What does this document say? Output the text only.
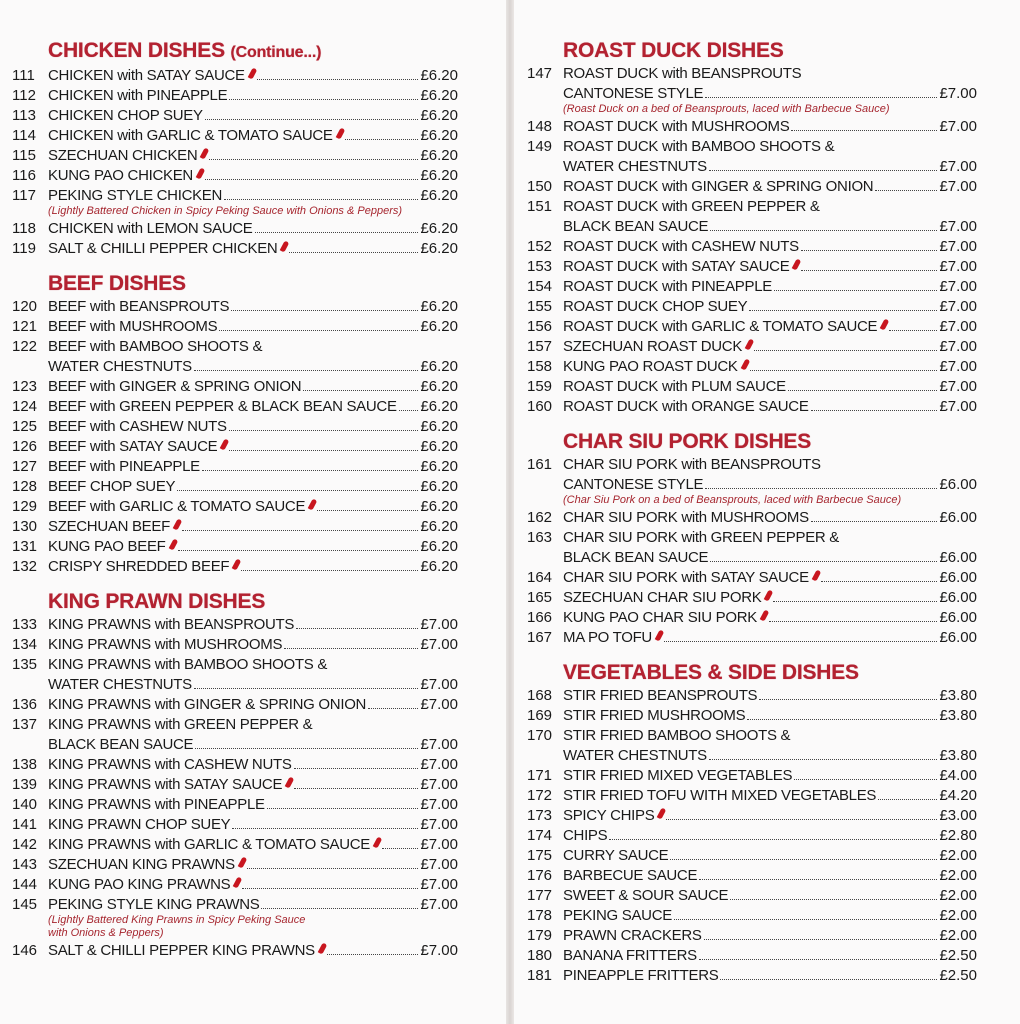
CHICKEN DISHES (Continue...)
111 CHICKEN with SATAY SAUCE	£6.20
112 CHICKEN with PINEAPPLE	£6.20
113 CHICKEN CHOP SUEY	£6.20
114 CHICKEN with GARLIC & TOMATO SAUCE	£6.20
115 SZECHUAN CHICKEN	£6.20
116 KUNG PAO CHICKEN	£6.20
117 PEKING STYLE CHICKEN	£6.20
(Lightly Battered Chicken in Spicy Peking Sauce with Onions & Peppers)
118 CHICKEN with LEMON SAUCE	£6.20
119 SALT & CHILLI PEPPER CHICKEN	£6.20
BEEF DISHES
120 BEEF with BEANSPROUTS	£6.20
121 BEEF with MUSHROOMS	£6.20
122 BEEF with BAMBOO SHOOTS &
WATER CHESTNUTS	£6.20
123 BEEF with GINGER & SPRING ONION	£6.20
124 BEEF with GREEN PEPPER & BLACK BEAN SAUCE £6.20
125 BEEF with CASHEW NUTS	£6.20
126 BEEF with SATAY SAUCE	£6.20
127 BEEF with PINEAPPLE	£6.20
128 BEEF CHOP SUEY	£6.20
129 BEEF with GARLIC & TOMATO SAUCE	£6.20
130 SZECHUAN BEEF	£6.20
131 KUNG PAO BEEF	£6.20
132 CRISPY SHREDDED BEEF	£6.20
KING PRAWN DISHES
133 KING PRAWNS with BEANSPROUTS	£7.00
134 KING PRAWNS with MUSHROOMS	£7.00
135 KING PRAWNS with BAMBOO SHOOTS &
WATER CHESTNUTS	£7.00
136 KING PRAWNS with GINGER & SPRING ONION	£7.00
137 KING PRAWNS with GREEN PEPPER &
BLACK BEAN SAUCE	£7.00
138 KING PRAWNS with CASHEW NUTS	£7.00
139 KING PRAWNS with SATAY SAUCE	£7.00
140 KING PRAWNS with PINEAPPLE	£7.00
141 KING PRAWN CHOP SUEY	£7.00
142 KING PRAWNS with GARLIC & TOMATO SAUCE	£7.00
143 SZECHUAN KING PRAWNS	£7.00
144 KUNG PAO KING PRAWNS	£7.00
145 PEKING STYLE KING PRAWNS	£7.00
(Lightly Battered King Prawns in Spicy Peking Sauce
with Onions & Peppers)
146 SALT & CHILLI PEPPER KING PRAWNS	£7.00
ROAST DUCK DISHES
147 ROAST DUCK with BEANSPROUTS
CANTONESE STYLE	£7.00
(Roast Duck on a bed of Beansprouts, laced with Barbecue Sauce)
148 ROAST DUCK with MUSHROOMS	£7.00
149 ROAST DUCK with BAMBOO SHOOTS &
WATER CHESTNUTS	£7.00
150 ROAST DUCK with GINGER & SPRING ONION	£7.00
151 ROAST DUCK with GREEN PEPPER &
BLACK BEAN SAUCE	£7.00
152 ROAST DUCK with CASHEW NUTS	£7.00
153 ROAST DUCK with SATAY SAUCE	£7.00
154 ROAST DUCK with PINEAPPLE	£7.00
155 ROAST DUCK CHOP SUEY	£7.00
156 ROAST DUCK with GARLIC & TOMATO SAUCE	£7.00
157 SZECHUAN ROAST DUCK	£7.00
158 KUNG PAO ROAST DUCK	£7.00
159 ROAST DUCK with PLUM SAUCE	£7.00
160 ROAST DUCK with ORANGE SAUCE	£7.00
CHAR SIU PORK DISHES
161 CHAR SIU PORK with BEANSPROUTS
CANTONESE STYLE	£6.00
(Char Siu Pork on a bed of Beansprouts, laced with Barbecue Sauce)
162 CHAR SIU PORK with MUSHROOMS	£6.00
163 CHAR SIU PORK with GREEN PEPPER &
BLACK BEAN SAUCE	£6.00
164 CHAR SIU PORK with SATAY SAUCE	£6.00
165 SZECHUAN CHAR SIU PORK	£6.00
166 KUNG PAO CHAR SIU PORK	£6.00
167 MA PO TOFU	£6.00
VEGETABLES & SIDE DISHES
168 STIR FRIED BEANSPROUTS	£3.80
169 STIR FRIED MUSHROOMS	£3.80
170 STIR FRIED BAMBOO SHOOTS &
WATER CHESTNUTS	£3.80
171 STIR FRIED MIXED VEGETABLES	£4.00
172 STIR FRIED TOFU WITH MIXED VEGETABLES	£4.20
173 SPICY CHIPS	£3.00
174 CHIPS	£2.80
175 CURRY SAUCE	£2.00
176 BARBECUE SAUCE	£2.00
177 SWEET & SOUR SAUCE	£2.00
178 PEKING SAUCE	£2.00
179 PRAWN CRACKERS	£2.00
180 BANANA FRITTERS	£2.50
181 PINEAPPLE FRITTERS	£2.50
